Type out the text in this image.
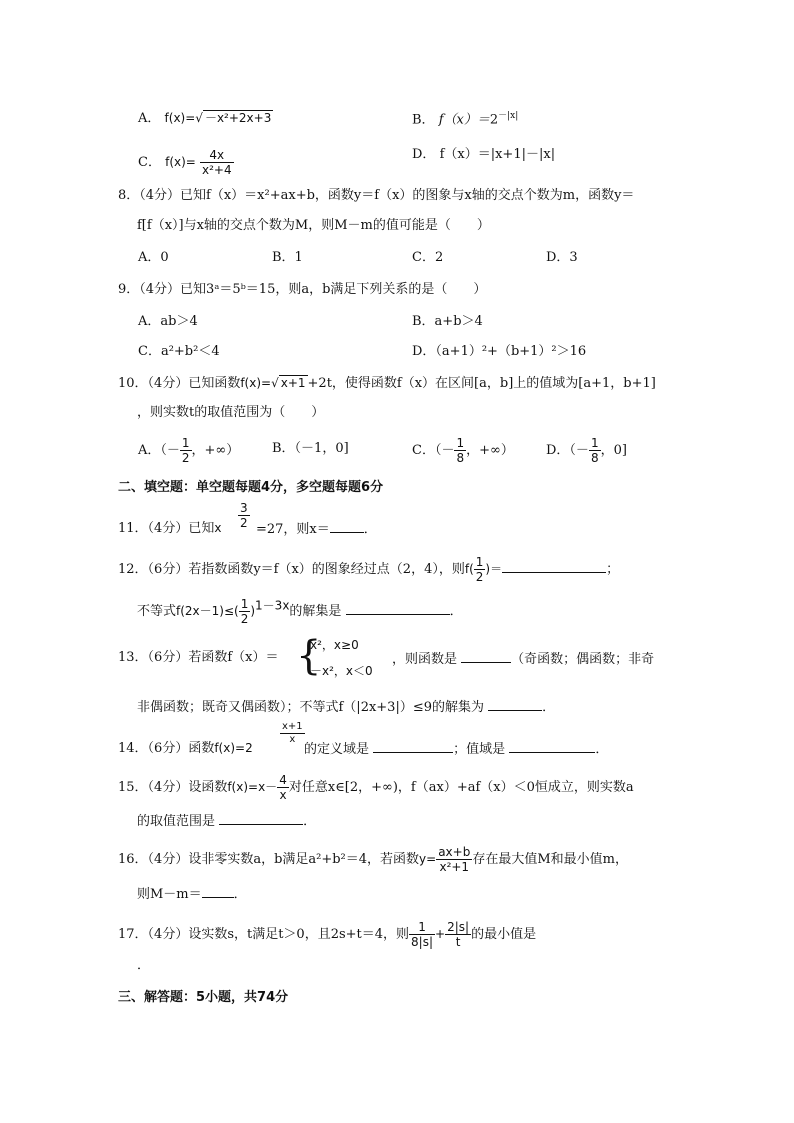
A． f(x)=√ －x²+2x+3	B． $f(x)=2^{-|x|}$
C． $f(x)= \frac{4x}{\text{x²+4}}$	D． f（x）＝|x+1|－|x|
8．（4分）已知f（x）＝x²+ax+b，函数y＝f（x）的图象与x轴的交点个数为m，函数y＝
f[f（x）]与x轴的交点个数为M，则M－m的值可能是（　　）
A．0	B．1	C．2	D．3
9．（4分）已知3ᵃ＝5ᵇ＝15，则a，b满足下列关系的是（　　）
A．ab＞4	B．a+b＞4
C．a²+b²＜4	D．（a+1）²+（b+1）²＞16
10．（4分）已知函数f(x)=√ x+1 +2t，使得函数f（x）在区间[a，b]上的值域为[a+1，b+1]
，则实数t的取值范围为（　　）
A．（－ $\frac{1}{2}$ ，+∞）	B．（－1，0]	C．（－ $\frac{1}{8}$ ，+∞） D．（－ $\frac{1}{8}$ ，0]
二、填空题：单空题每题4分，多空题每题6分
11．（4分）已知x $\frac{3}{2} =27$，则x＝	．
12．（6分）若指数函数y＝f（x）的图象经过点（2，4），则$f( \frac{1}{2}$ )＝	；
不等式$f(2x-1)\le( \frac{1}{2} )^{1-3x}$的解集是	．
13．（6分）若函数f（x）＝ {
x²，x≥0
－x²，x＜0
，则函数是	（奇函数；偶函数；非奇
非偶函数；既奇又偶函数）；不等式f（|2x+3|）≤9的解集为	．
14．（6分）函数f(x)=2
$\frac{x+1}{x}$
的定义域是	；值域是	．
15．（4分）设函数$f(x)=x- \frac{4}{x}$ 对任意x∈[2，+∞)，f（ax）+af（x）＜0恒成立，则实数a
的取值范围是	．
16．（4分）设非零实数a，b满足a²+b²＝4，若函数$y= \frac{ax+b}{\text{x²+1}}$ 存在最大值M和最小值m，
则M－m＝ ．
17．（4分）设实数s，t满足t＞0，且2s+t＝4，则 $\frac{1}{8|s|} + \frac{2|s|}{t}$ 的最小值是
．
三、解答题：5小题，共74分
